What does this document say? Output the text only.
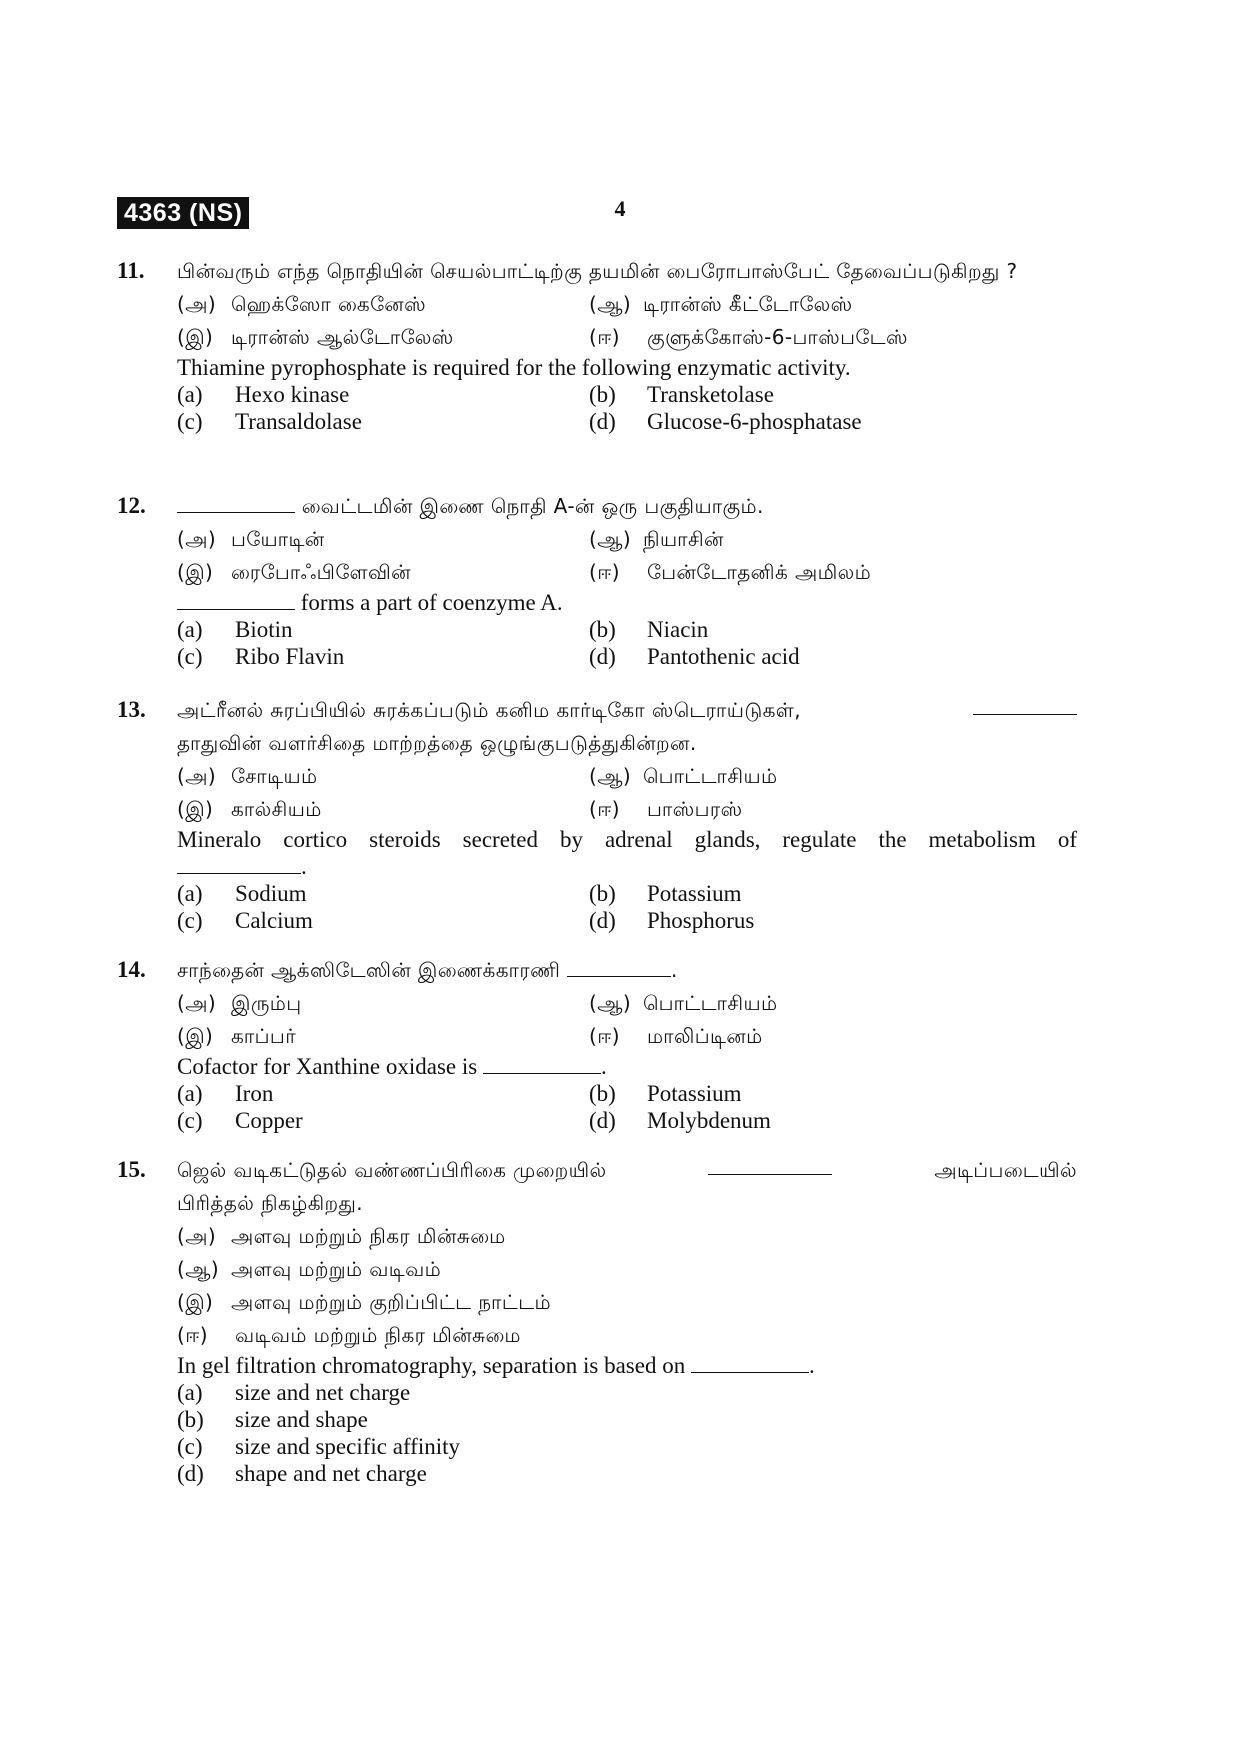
4363 (NS)	4
11. பின்வரும் எந்த நொதியின் செயல்பாட்டிற்கு தயமின் பைரோபாஸ்பேட் தேவைப்படுகிறது ?

(அ) ஹெக்ஸோ கைனேஸ்	(ஆ) டிரான்ஸ் கீட்டோலேஸ்
(இ) டிரான்ஸ் ஆல்டோலேஸ்	(ஈ)	குளுக்கோஸ்-6-பாஸ்படேஸ்

Thiamine pyrophosphate is required for the following enzymatic activity.

(a)	Hexo kinase	(b)	Transketolase
(c)	Transaldolase	(d)	Glucose-6-phosphatase
12.	வைட்டமின் இணை நொதி A-ன் ஒரு பகுதியாகும்.

(அ) பயோடின்	(ஆ) நியாசின்
(இ) ரைபோஃபிளேவின்	(ஈ)	பேன்டோதனிக் அமிலம்

forms a part of coenzyme A.

(a)	Biotin	(b)	Niacin
(c)	Ribo Flavin	(d)	Pantothenic acid
13. அட்ரீனல் சுரப்பியில் சுரக்கப்படும் கனிம கார்டிகோ ஸ்டெராய்டுகள்,

தாதுவின் வளர்சிதை மாற்றத்தை ஒழுங்குபடுத்துகின்றன.

(அ) சோடியம்	(ஆ) பொட்டாசியம்
(இ) கால்சியம்	(ஈ)	பாஸ்பரஸ்

Mineralo cortico steroids secreted by adrenal glands, regulate the metabolism of

.

(a)	Sodium	(b)	Potassium
(c)	Calcium	(d)	Phosphorus
14. சாந்தைன் ஆக்ஸிடேஸின் இணைக்காரணி	.

(அ) இரும்பு	(ஆ) பொட்டாசியம்
(இ) காப்பர்	(ஈ)	மாலிப்டினம்

Cofactor for Xanthine oxidase is	.

(a)	Iron	(b)	Potassium
(c)	Copper	(d)	Molybdenum
15. ஜெல் வடிகட்டுதல் வண்ணப்பிரிகை முறையில்	அடிப்படையில்

பிரித்தல் நிகழ்கிறது.

(அ) அளவு மற்றும் நிகர மின்சுமை
(ஆ) அளவு மற்றும் வடிவம்
(இ) அளவு மற்றும் குறிப்பிட்ட நாட்டம்
(ஈ)	வடிவம் மற்றும் நிகர மின்சுமை

In gel filtration chromatography, separation is based on	.

(a)	size and net charge
(b)	size and shape
(c)	size and specific affinity
(d)	shape and net charge
